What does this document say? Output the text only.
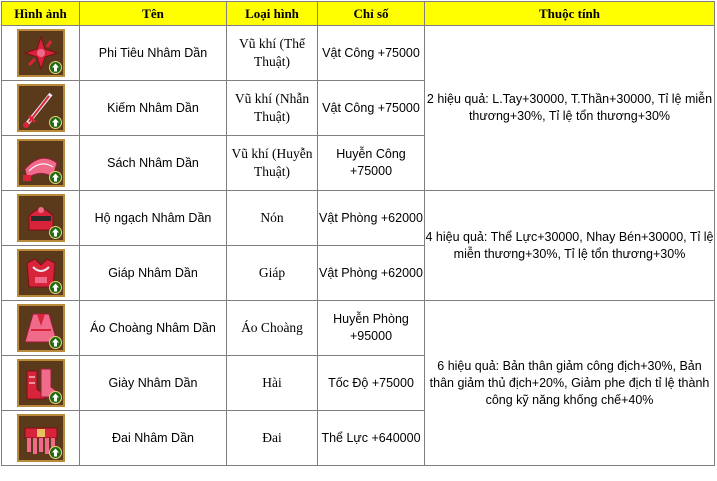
Hình ảnh	Tên	Loại hình	Chỉ số	Thuộc tính

	Phi Tiêu Nhâm Dần	Vũ khí (Thể Thuật)	Vật Công +75000	2 hiệu quả: L.Tay+30000, T.Thần+30000, Tỉ lệ miễn thương+30%, Tỉ lệ tổn thương+30%

	Kiếm Nhâm Dần	Vũ khí (Nhẫn Thuật)	Vật Công +75000	

	Sách Nhâm Dần	Vũ khí (Huyễn Thuật)	Huyễn Công +75000	

	Hộ ngạch Nhâm Dần	Nón	Vật Phòng +62000	4 hiệu quả: Thể Lực+30000, Nhay Bén+30000, Tỉ lệ miễn thương+30%, Tỉ lệ tổn thương+30%

	Giáp Nhâm Dần	Giáp	Vật Phòng +62000	

	Áo Choàng Nhâm Dần	Áo Choàng	Huyễn Phòng +95000	6 hiệu quả: Bản thân giảm công địch+30%, Bản thân giảm thủ địch+20%, Giảm phe địch tỉ lệ thành công kỹ năng khống chế+40%

	Giày Nhâm Dần	Hài	Tốc Độ +75000	

	Đai Nhâm Dần	Đai	Thể Lực +640000	
